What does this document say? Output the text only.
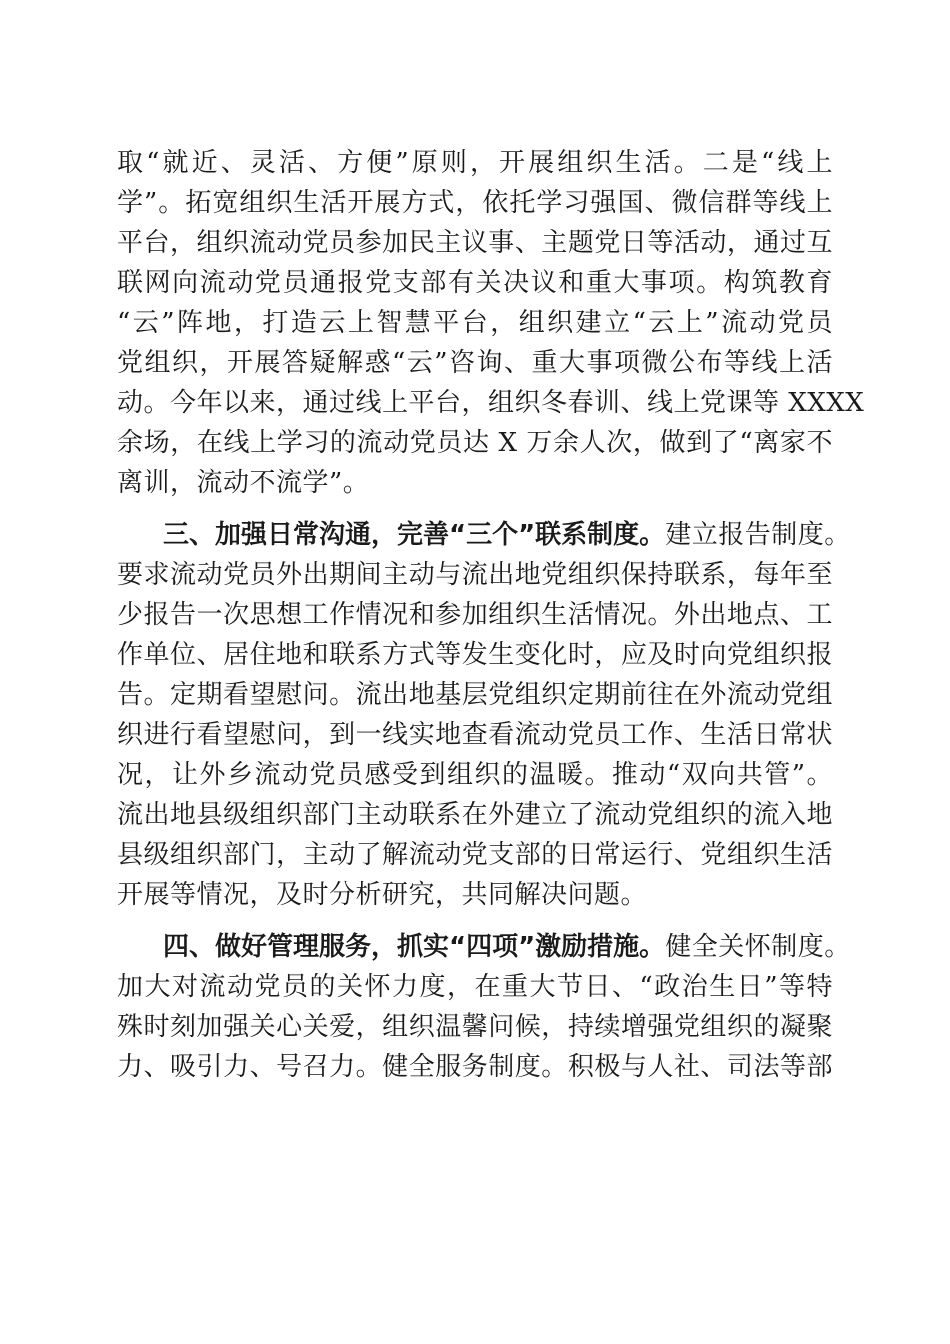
取“就近、灵活、方便”原则，开展组织生活。二是“线上
学”。拓宽组织生活开展方式，依托学习强国、微信群等线上
平台，组织流动党员参加民主议事、主题党日等活动，通过互
联网向流动党员通报党支部有关决议和重大事项。构筑教育
“云”阵地，打造云上智慧平台，组织建立“云上”流动党员
党组织，开展答疑解惑“云”咨询、重大事项微公布等线上活
动。今年以来，通过线上平台，组织冬春训、线上党课等 XXXX
余场，在线上学习的流动党员达 X 万余人次，做到了“离家不
离训，流动不流学”。
三、加强日常沟通，完善“三个”联系制度。建立报告制度。
要求流动党员外出期间主动与流出地党组织保持联系，每年至
少报告一次思想工作情况和参加组织生活情况。外出地点、工
作单位、居住地和联系方式等发生变化时，应及时向党组织报
告。定期看望慰问。流出地基层党组织定期前往在外流动党组
织进行看望慰问，到一线实地查看流动党员工作、生活日常状
况，让外乡流动党员感受到组织的温暖。推动“双向共管”。
流出地县级组织部门主动联系在外建立了流动党组织的流入地
县级组织部门，主动了解流动党支部的日常运行、党组织生活
开展等情况，及时分析研究，共同解决问题。
四、做好管理服务，抓实“四项”激励措施。健全关怀制度。
加大对流动党员的关怀力度，在重大节日、“政治生日”等特
殊时刻加强关心关爱，组织温馨问候，持续增强党组织的凝聚
力、吸引力、号召力。健全服务制度。积极与人社、司法等部
